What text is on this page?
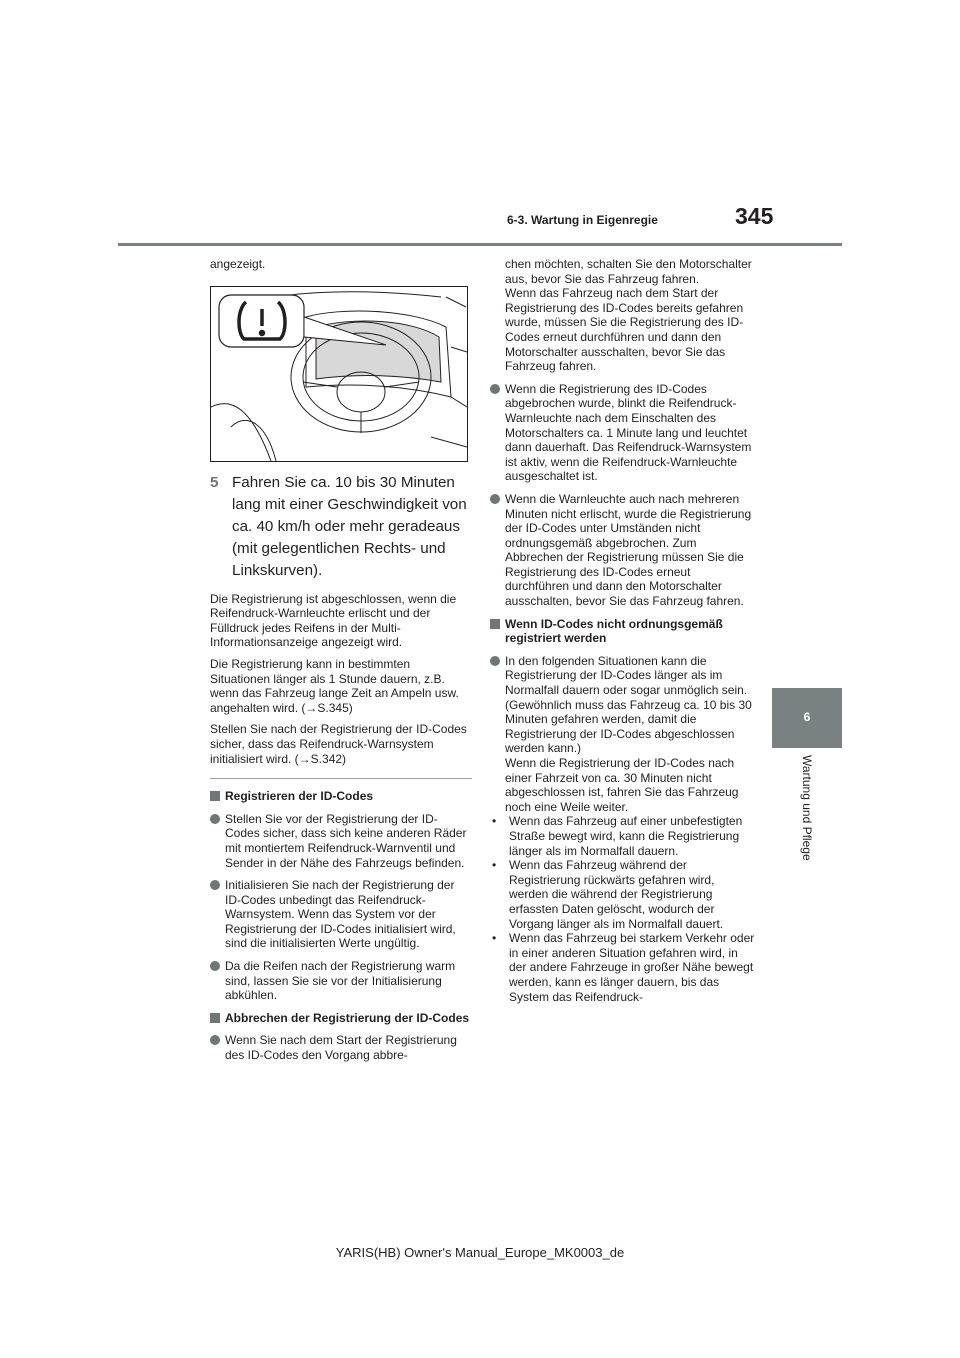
6-3. Wartung in Eigenregie	345
6
Wartung und Pflege

angezeigt.

5 Fahren Sie ca. 10 bis 30 Minuten lang mit einer Geschwindigkeit von ca. 40 km/h oder mehr geradeaus (mit gelegentlichen Rechts- und Linkskurven).

Die Registrierung ist abgeschlossen, wenn die Reifendruck-Warnleuchte erlischt und der Fülldruck jedes Reifens in der Multi-Informationsanzeige angezeigt wird.

Die Registrierung kann in bestimmten Situationen länger als 1 Stunde dauern, z.B. wenn das Fahrzeug lange Zeit an Ampeln usw. angehalten wird. (→S.345)

Stellen Sie nach der Registrierung der ID-Codes sicher, dass das Reifendruck-Warnsystem initialisiert wird. (→S.342)

Registrieren der ID-Codes
Stellen Sie vor der Registrierung der ID-Codes sicher, dass sich keine anderen Räder mit montiertem Reifendruck-Warnventil und Sender in der Nähe des Fahrzeugs befinden.
Initialisieren Sie nach der Registrierung der ID-Codes unbedingt das Reifendruck-Warnsystem. Wenn das System vor der Registrierung der ID-Codes initialisiert wird, sind die initialisierten Werte ungültig.
Da die Reifen nach der Registrierung warm sind, lassen Sie sie vor der Initialisierung abkühlen.
Abbrechen der Registrierung der ID-Codes
Wenn Sie nach dem Start der Registrierung des ID-Codes den Vorgang abbre-

chen möchten, schalten Sie den Motorschalter aus, bevor Sie das Fahrzeug fahren.

Wenn das Fahrzeug nach dem Start der Registrierung des ID-Codes bereits gefahren wurde, müssen Sie die Registrierung des ID-Codes erneut durchführen und dann den Motorschalter ausschalten, bevor Sie das Fahrzeug fahren.

Wenn die Registrierung des ID-Codes abgebrochen wurde, blinkt die Reifendruck-Warnleuchte nach dem Einschalten des Motorschalters ca. 1 Minute lang und leuchtet dann dauerhaft. Das Reifendruck-Warnsystem ist aktiv, wenn die Reifendruck-Warnleuchte ausgeschaltet ist.
Wenn die Warnleuchte auch nach mehreren Minuten nicht erlischt, wurde die Registrierung der ID-Codes unter Umständen nicht ordnungsgemäß abgebrochen. Zum Abbrechen der Registrierung müssen Sie die Registrierung des ID-Codes erneut durchführen und dann den Motorschalter ausschalten, bevor Sie das Fahrzeug fahren.
Wenn ID-Codes nicht ordnungsgemäß registriert werden

In den folgenden Situationen kann die Registrierung der ID-Codes länger als im Normalfall dauern oder sogar unmöglich sein. (Gewöhnlich muss das Fahrzeug ca. 10 bis 30 Minuten gefahren werden, damit die Registrierung der ID-Codes abgeschlossen werden kann.)

Wenn die Registrierung der ID-Codes nach einer Fahrzeit von ca. 30 Minuten nicht abgeschlossen ist, fahren Sie das Fahrzeug noch eine Weile weiter.

•	Wenn das Fahrzeug auf einer unbefestigten Straße bewegt wird, kann die Registrierung länger als im Normalfall dauern.
•	Wenn das Fahrzeug während der Registrierung rückwärts gefahren wird, werden die während der Registrierung erfassten Daten gelöscht, wodurch der Vorgang länger als im Normalfall dauert.
•	Wenn das Fahrzeug bei starkem Verkehr oder in einer anderen Situation gefahren wird, in der andere Fahrzeuge in großer Nähe bewegt werden, kann es länger dauern, bis das System das Reifendruck-
YARIS(HB) Owner's Manual_Europe_MK0003_de
